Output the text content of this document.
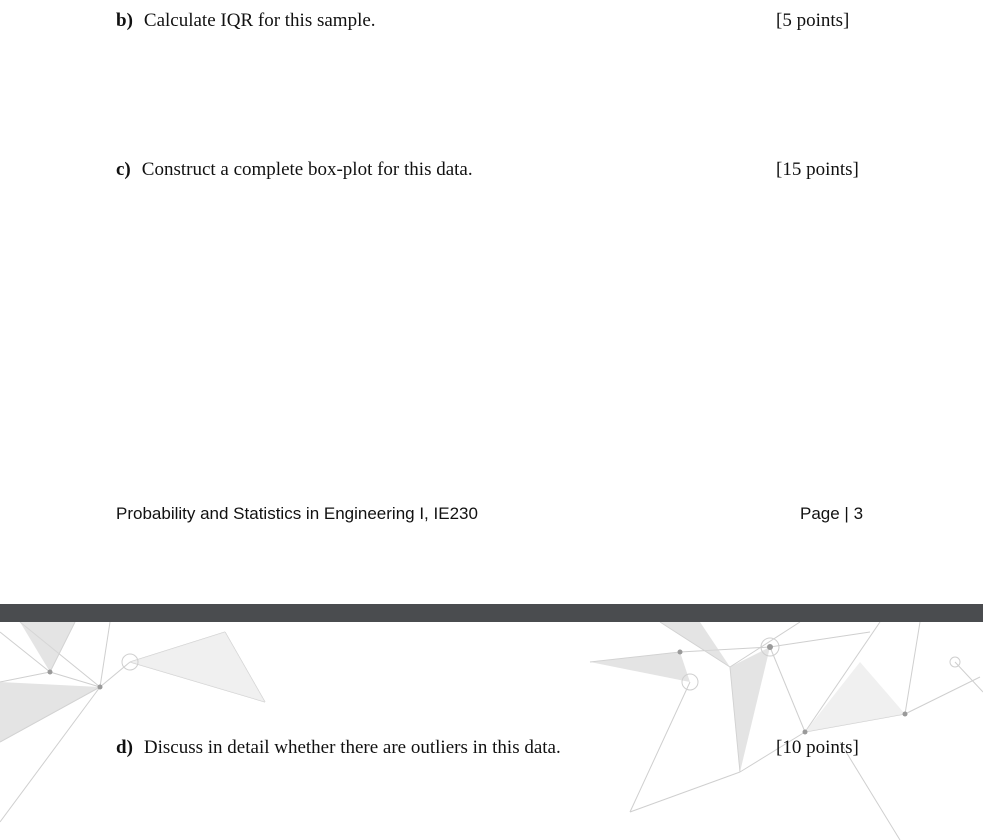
b) Calculate IQR for this sample.	[5 points]
c) Construct a complete box-plot for this data.	[15 points]
Probability and Statistics in Engineering I, IE230	Page | 3
d) Discuss in detail whether there are outliers in this data.	[10 points]
